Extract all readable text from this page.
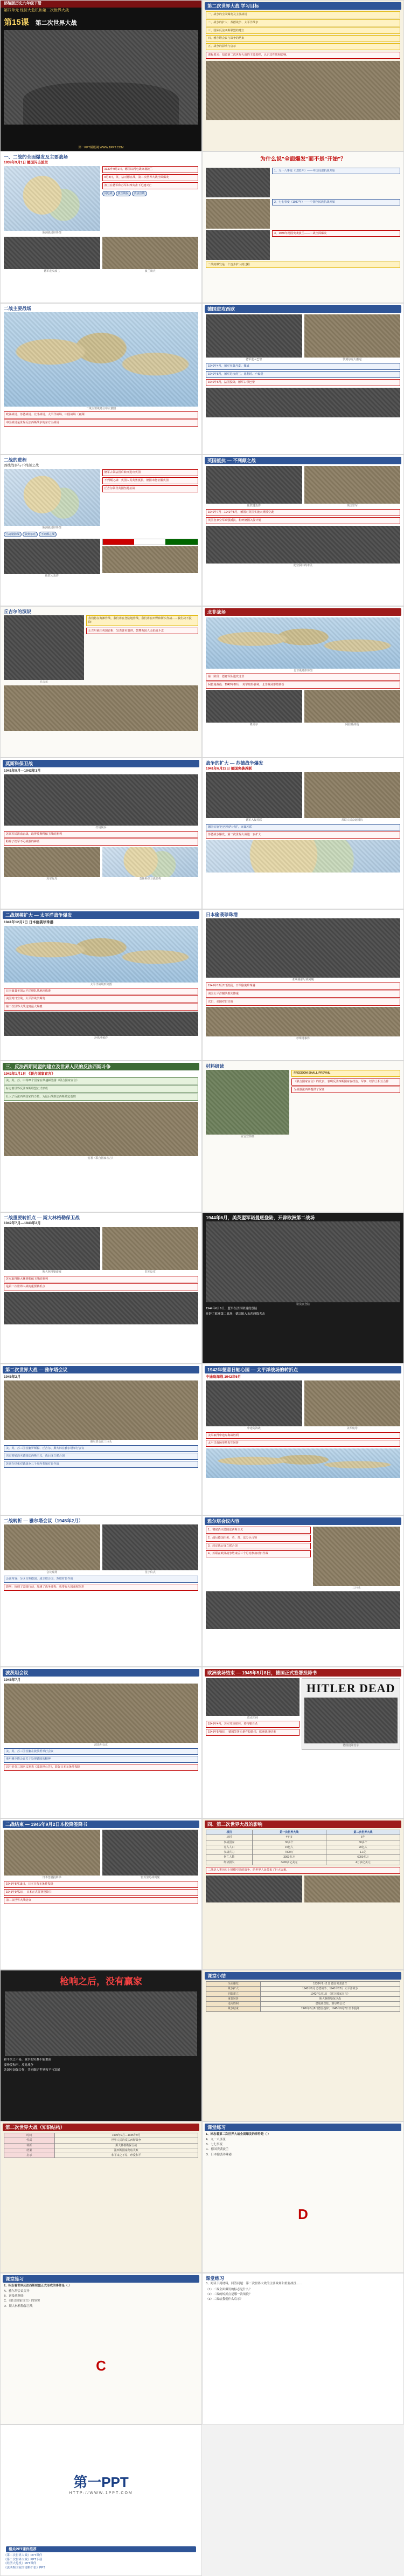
部编版历史九年级下册
第四单元 经济大危机和第二次世界大战
第15课 第二次世界大战
第一PPT模板网 WWW.1PPT.COM
第二次世界大战 学习目标
一、战争的全面爆发及主要战场
二、战争的扩大：苏德战争、太平洋战争
三、国际反法西斯联盟的建立
四、雅尔塔会议与战争的结束
五、战争的影响与启示
课标要求：知道第二次世界大战的主要进程，认识其性质和影响。
一、二战的全面爆发及主要战场
1939年9月1日 德国闪击波兰
欧洲战场形势图
1939年9月1日，德国以闪电战突袭波兰
9月3日，英、法对德宣战，第二次世界大战全面爆发
波兰在德军和苏军东西夹击下迅速灭亡
闪电战	波兰战役	英法宣战
德军进攻波兰	波兰骑兵
为什么说"全面爆发"而不是"开始"？
1、九一八事变（1931年）——中国局部抗战开始
2、七七事变（1937年）——中国全民族抗战开始
3、1939年德国突袭波兰——二战全面爆发
二战的爆发是一个逐步扩大的过程
二战主要战场
二战主要战场分布示意图
欧洲战场、苏德战场、北非战场、太平洋战场、中国战场（亚洲）
中国战场是世界反法西斯战争的东方主战场
德国进攻西欧
德军进入巴黎	敦刻尔克大撤退
1940年4月，德军突袭丹麦、挪威
1940年5月，德军进攻荷兰、比利时、卢森堡
1940年6月，法国投降，德军占领巴黎
二战的进程
西线战事与不列颠之战
欧洲战场形势图
德军占领法国后转而进攻英国
不列颠之战：英国人民英勇抵抗，德国未能征服英国
丘吉尔领导英国坚持抗战
马奇诺防线	敦刻尔克	不列颠之战
伦敦大轰炸
英国抵抗 — 不列颠之战
伦敦遭轰炸	英国空军
1940年7月—1941年5月，德国对英国实施大规模空袭
英国皇家空军顽强抵抗，粉碎德国入侵计划
防空洞中的市民
丘吉尔的演说
丘吉尔
我们将在海滩作战，我们将在登陆地作战，我们将在田野和街头作战……我们决不投降！
丘吉尔就任英国首相，发表著名演讲，鼓舞英国人民抗战斗志
北非战场
北非战场形势图
第一阶段：德意军队进攻北非
阿拉曼战役：1942年10月，英军取得胜利，北非战场形势转折
隆美尔	阿拉曼战役
莫斯科保卫战
1941年9月—1942年1月
红场阅兵
苏联军民浴血奋战，取得莫斯科保卫战的胜利
粉碎了德军不可战胜的神话
苏军反攻	莫斯科保卫战形势
战争的扩大 — 苏德战争爆发
1941年6月22日 德国突袭苏联
德军入侵苏联	苏联人民奋起抵抗
德国实施"巴巴罗萨计划"，突袭苏联
苏德战争爆发，第二次世界大战进一步扩大
二战规模扩大 — 太平洋战争爆发
1941年12月7日 日本偷袭珍珠港
太平洋战场形势图
日本偷袭美国太平洋舰队基地珍珠港
美国对日宣战，太平洋战争爆发
第二次世界大战达到最大规模
珍珠港被炸
日本偷袭珍珠港
亚利桑那号战列舰
1941年12月7日清晨，日军偷袭珍珠港
美国太平洋舰队损失惨重
次日，美国对日宣战
珍珠港事件
三、反法西斯同盟的建立及世界人民的反法西斯斗争
1942年1月1日 《联合国家宣言》
美、英、苏、中等26个国家在华盛顿签署《联合国家宣言》
标志着世界反法西斯联盟正式形成
壮大了反法西斯国家的力量，为最后战胜法西斯奠定基础
签署《联合国家宣言》
材料研读
宣言宣传画
FREEDOM SHALL PREVAIL
《联合国家宣言》的发表，表明反法西斯国家在政治、军事、经济上相互合作
为战胜法西斯提供了保证
二战重要转折点 — 斯大林格勒保卫战
1942年7月—1943年2月
斯大林格勒废墟	苏军反攻
苏军取得斯大林格勒保卫战的胜利
是第二次世界大战的重要转折点
1944年6月，美英盟军诺曼底登陆，开辟欧洲第二战场
诺曼底登陆
1944年6月6日，盟军在法国诺曼底登陆
开辟了欧洲第二战场，德国陷入东西两线夹击
第二次世界大战 — 雅尔塔会议
1945年2月
雅尔塔会议三巨头
美、英、苏三国首脑罗斯福、丘吉尔、斯大林在雅尔塔举行会议
决定彻底消灭德国法西斯主义，战后成立联合国
苏联在结束对德战争三个月内参加对日作战
1942年德意日轴心国 — 太平洋战场的转折点
中途岛海战 1942年6月
中途岛海战	美军航母
美军取得中途岛海战胜利
太平洋战场形势发生转折
二战转折 — 雅尔塔会议（1945年2月）
会议现场	签字仪式
会议内容：分区占领德国、成立联合国、苏联对日作战
影响：协调了盟国行动，加速了战争进程；也带有大国强权色彩
雅尔塔会议内容
1、彻底消灭德国法西斯主义
2、战后德国由美、英、苏、法分区占领
3、决定战后成立联合国
4、苏联在欧洲战争结束后三个月内参加对日作战
三巨头
波茨坦会议
1945年7月
波茨坦会议
美、英、苏三国首脑在波茨坦举行会议
重申雅尔塔会议关于处理德国的精神
以中美英三国名义发表《波茨坦公告》，敦促日本无条件投降
欧洲战场结束 — 1945年5月8日，德国正式签署投降书
攻克柏林
1945年4月，苏军攻克柏林，希特勒自杀
1945年5月8日，德国签署无条件投降书，欧洲战事结束
HITLER DEAD
德国投降签字
二战结束 — 1945年9月2日本投降签降书
日本签署投降书	密苏里号战列舰
1945年8月15日，日本宣布无条件投降
1945年9月2日，日本正式签署投降书
第二次世界大战结束
四、第二次世界大战的影响
项目	第一次世界大战	第二次世界大战
历时	4年多	6年
参战国家	30多个	60多个
卷入人口	15亿人	20亿人
参战兵力	7000万	1.1亿
伤亡人数	3000多万	6000多万
经济损失	3400多亿美元	4万多亿美元
二战是人类历史上规模空前的战争，给世界人民带来了巨大灾难。
枪响之后，没有赢家
和平来之不易，战争的灾难不能重演
要珍爱和平、反对战争
各国应加强合作，共同维护世界和平与发展
课堂小结
全面爆发	1939年9月1日 德国突袭波兰
战争扩大	1941年6月 苏德战争；1941年12月 太平洋战争
同盟建立	1942年1月1日 《联合国家宣言》
重要转折	斯大林格勒保卫战
走向胜利	诺曼底登陆、雅尔塔会议
战争结束	1945年5月8日德国投降；1945年9月2日日本投降
第二次世界大战（知识结构）
时间	1939年9月—1945年9月
性质	世界人民的反法西斯战争
转折	斯大林格勒保卫战
结果	法西斯国家彻底失败
启示	和平来之不易，珍爱和平
课堂练习
1、标志着第二次世界大战全面爆发的事件是（ ）
A．九一八事变
B．七七事变
C．德国突袭波兰
D．日本偷袭珍珠港
D
课堂练习
2、标志着世界反法西斯联盟正式形成的事件是（ ）
A．雅尔塔会议召开
B．诺曼底登陆
C．《联合国家宣言》的签署
D．斯大林格勒保卫战
C
课堂练习
3、阅读下列材料，回答问题：第二次世界大战的主要战场和重要战役……
（1）二战全面爆发的标志是什么？
（2）二战的转折点是哪一次战役？
（3）二战给我们什么启示？
第一PPT
HTTP://WWW.1PPT.COM
相关PPT课件推荐
《第二次世界大战》PPT课件
《第二次世界大战》PPT下载
《经济大危机》PPT课件
《法西斯国家的侵略扩张》PPT
